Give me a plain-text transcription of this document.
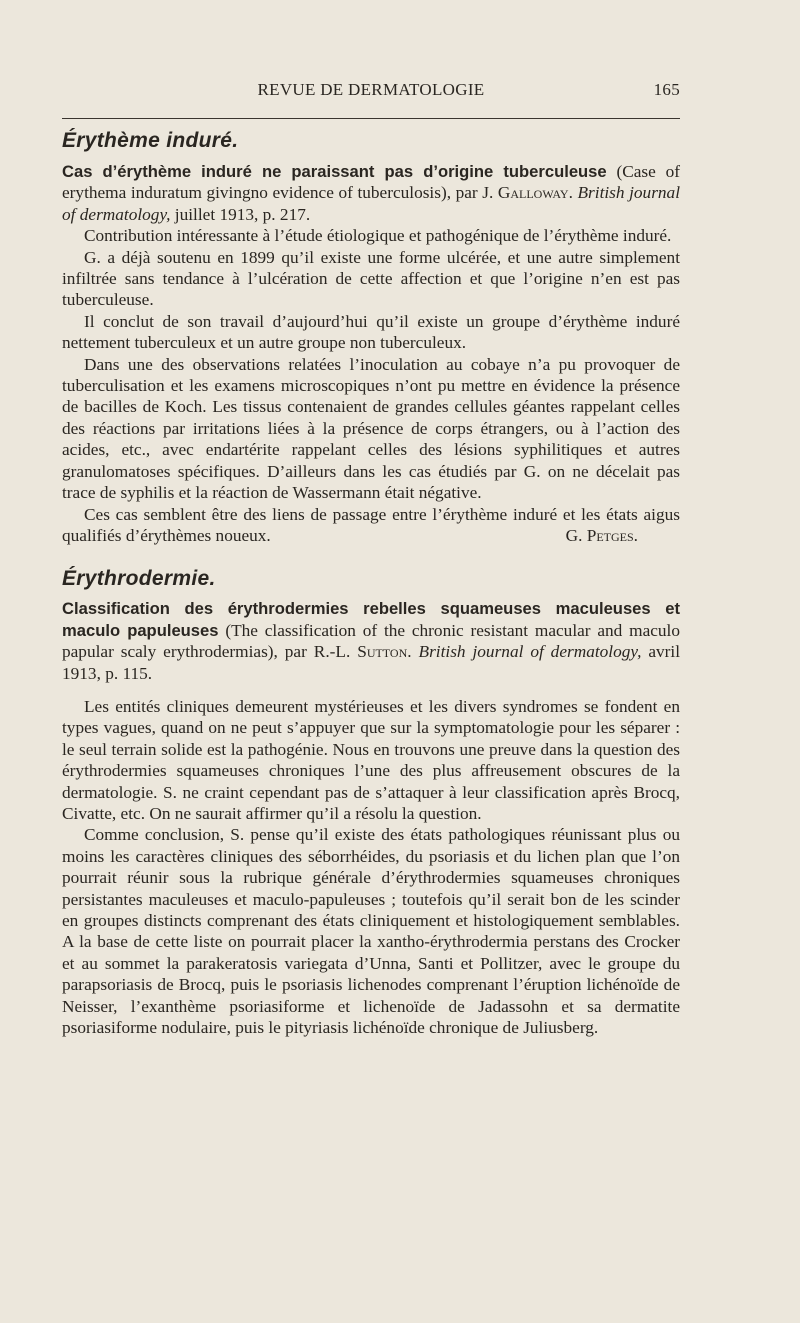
REVUE DE DERMATOLOGIE	165
Érythème induré.

Cas d’érythème induré ne paraissant pas d’origine tuberculeuse (Case of erythema induratum givingno evidence of tuberculosis), par J. Galloway. British journal of dermatology, juillet 1913, p. 217.

Contribution intéressante à l’étude étiologique et pathogénique de l’érythème induré.

G. a déjà soutenu en 1899 qu’il existe une forme ulcérée, et une autre simplement infiltrée sans tendance à l’ulcération de cette affection et que l’origine n’en est pas tuberculeuse.

Il conclut de son travail d’aujourd’hui qu’il existe un groupe d’érythème induré nettement tuberculeux et un autre groupe non tuberculeux.

Dans une des observations relatées l’inoculation au cobaye n’a pu provoquer de tuberculisation et les examens microscopiques n’ont pu mettre en évidence la présence de bacilles de Koch. Les tissus contenaient de grandes cellules géantes rappelant celles des réactions par irritations liées à la présence de corps étrangers, ou à l’action des acides, etc., avec endartérite rappelant celles des lésions syphilitiques et autres granulomatoses spécifiques. D’ailleurs dans les cas étudiés par G. on ne décelait pas trace de syphilis et la réaction de Wassermann était négative.

Ces cas semblent être des liens de passage entre l’érythème induré et les états aigus qualifiés d’érythèmes noueux.	G. Petges.

Érythrodermie.

Classification des érythrodermies rebelles squameuses maculeuses et maculo papuleuses (The classification of the chronic resistant macular and maculo papular scaly erythrodermias), par R.-L. Sutton. British journal of dermatology, avril 1913, p. 115.

Les entités cliniques demeurent mystérieuses et les divers syndromes se fondent en types vagues, quand on ne peut s’appuyer que sur la symptomatologie pour les séparer : le seul terrain solide est la pathogénie. Nous en trouvons une preuve dans la question des érythrodermies squameuses chroniques l’une des plus affreusement obscures de la dermatologie. S. ne craint cependant pas de s’attaquer à leur classification après Brocq, Civatte, etc. On ne saurait affirmer qu’il a résolu la question.

Comme conclusion, S. pense qu’il existe des états pathologiques réunissant plus ou moins les caractères cliniques des séborrhéides, du psoriasis et du lichen plan que l’on pourrait réunir sous la rubrique générale d’érythrodermies squameuses chroniques persistantes maculeuses et maculo-papuleuses ; toutefois qu’il serait bon de les scinder en groupes distincts comprenant des états cliniquement et histologiquement semblables. A la base de cette liste on pourrait placer la xantho-érythrodermia perstans des Crocker et au sommet la parakeratosis variegata d’Unna, Santi et Pollitzer, avec le groupe du parapsoriasis de Brocq, puis le psoriasis lichenodes comprenant l’éruption lichénoïde de Neisser, l’exanthème psoriasiforme et lichenoïde de Jadassohn et sa dermatite psoriasiforme nodulaire, puis le pityriasis lichénoïde chronique de Juliusberg.
